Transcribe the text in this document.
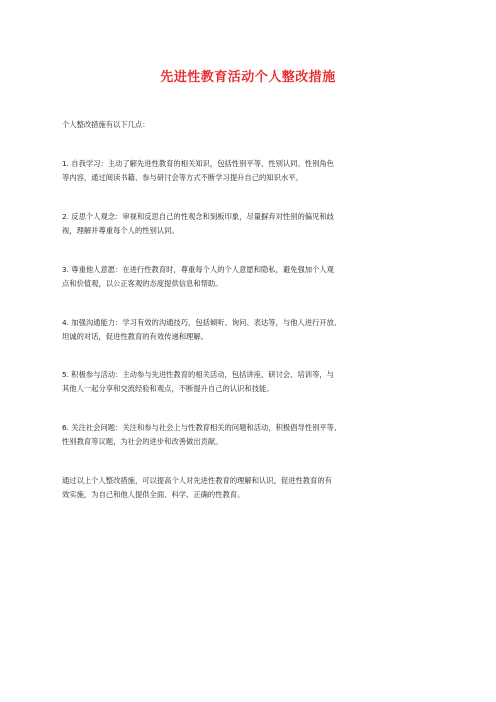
先进性教育活动个人整改措施
个人整改措施有以下几点：
1. 自我学习：主动了解先进性教育的相关知识，包括性别平等、性别认同、性别角色
等内容，通过阅读书籍、参与研讨会等方式不断学习提升自己的知识水平。
2. 反思个人观念：审视和反思自己的性观念和刻板印象，尽量摒弃对性别的偏见和歧
视，理解并尊重每个人的性别认同。
3. 尊重他人意愿：在进行性教育时，尊重每个人的个人意愿和隐私，避免强加个人观
点和价值观，以公正客观的态度提供信息和帮助。
4. 加强沟通能力：学习有效的沟通技巧，包括倾听、询问、表达等，与他人进行开放、
坦诚的对话，促进性教育的有效传递和理解。
5. 积极参与活动：主动参与先进性教育的相关活动，包括讲座、研讨会、培训等，与
其他人一起分享和交流经验和观点，不断提升自己的认识和技能。
6. 关注社会问题：关注和参与社会上与性教育相关的问题和活动，积极倡导性别平等、
性别教育等议题，为社会的进步和改善做出贡献。
通过以上个人整改措施，可以提高个人对先进性教育的理解和认识，促进性教育的有
效实施，为自己和他人提供全面、科学、正确的性教育。
